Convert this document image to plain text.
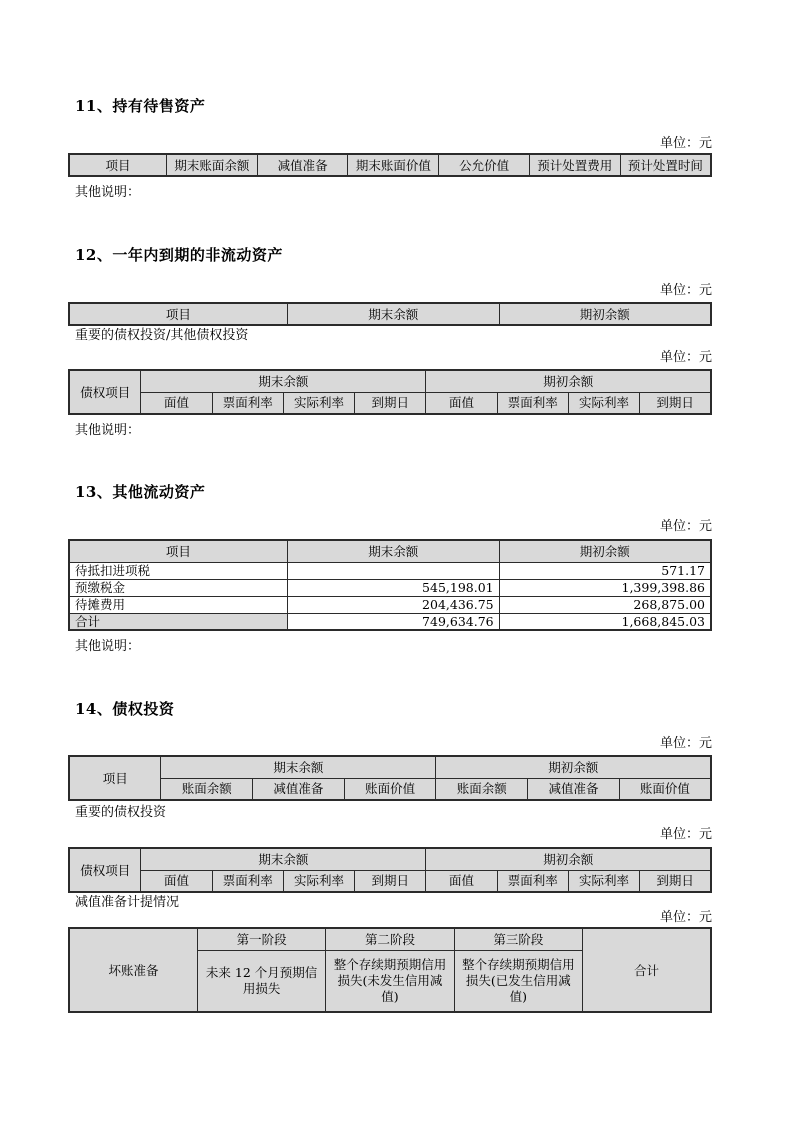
11、持有待售资产
单位：元
项目	期末账面余额	减值准备	期末账面价值	公允价值	预计处置费用	预计处置时间
其他说明：
12、一年内到期的非流动资产
单位：元
项目	期末余额	期初余额
重要的债权投资/其他债权投资
单位：元
债权项目	期末余额				期初余额			
	面值	票面利率	实际利率	到期日	面值	票面利率	实际利率	到期日
其他说明：
13、其他流动资产
单位：元
项目	期末余额	期初余额
待抵扣进项税		571.17
预缴税金	545,198.01	1,399,398.86
待摊费用	204,436.75	268,875.00
合计	749,634.76	1,668,845.03
其他说明：
14、债权投资
单位：元
项目	期末余额			期初余额		
	账面余额	减值准备	账面价值	账面余额	减值准备	账面价值
重要的债权投资
单位：元
债权项目	期末余额				期初余额			
	面值	票面利率	实际利率	到期日	面值	票面利率	实际利率	到期日
减值准备计提情况
单位：元
坏账准备	第一阶段	第二阶段	第三阶段	合计
	未来 12 个月预期信用损失	整个存续期预期信用损失(未发生信用减值)	整个存续期预期信用损失(已发生信用减值)	
